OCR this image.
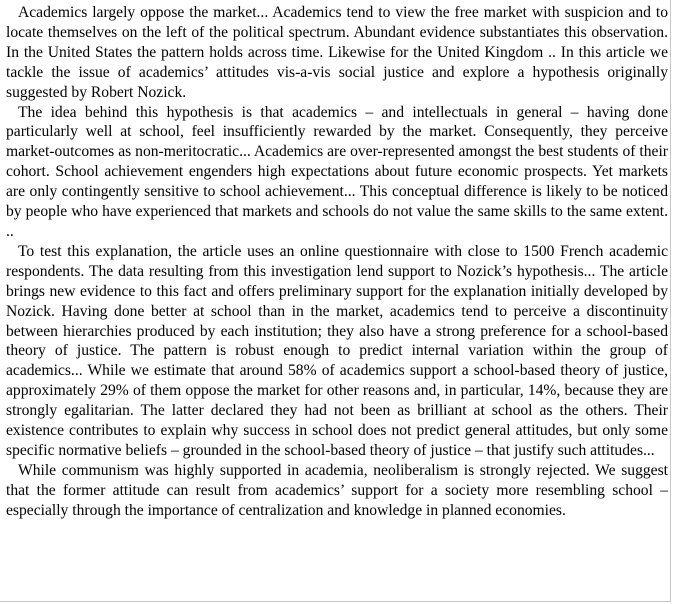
Academics largely oppose the market... Academics tend to view the free market with suspicion and to locate themselves on the left of the political spectrum. Abundant evidence substantiates this observation. In the United States the pattern holds across time. Likewise for the United Kingdom .. In this article we tackle the issue of academics’ attitudes vis-a-vis social justice and explore a hypothesis originally suggested by Robert Nozick.

The idea behind this hypothesis is that academics – and intellectuals in general – having done particularly well at school, feel insufficiently rewarded by the market. Consequently, they perceive market-outcomes as non-meritocratic... Academics are over-represented amongst the best students of their cohort. School achievement engenders high expectations about future economic prospects. Yet markets are only contingently sensitive to school achievement... This conceptual difference is likely to be noticed by people who have experienced that markets and schools do not value the same skills to the same extent. ..

To test this explanation, the article uses an online questionnaire with close to 1500 French academic respondents. The data resulting from this investigation lend support to Nozick’s hypothesis... The article brings new evidence to this fact and offers preliminary support for the explanation initially developed by Nozick. Having done better at school than in the market, academics tend to perceive a discontinuity between hierarchies produced by each institution; they also have a strong preference for a school-based theory of justice. The pattern is robust enough to predict internal variation within the group of academics... While we estimate that around 58% of academics support a school-based theory of justice, approximately 29% of them oppose the market for other reasons and, in particular, 14%, because they are strongly egalitarian. The latter declared they had not been as brilliant at school as the others. Their existence contributes to explain why success in school does not predict general attitudes, but only some specific normative beliefs – grounded in the school-based theory of justice – that justify such attitudes...

While communism was highly supported in academia, neoliberalism is strongly rejected. We suggest that the former attitude can result from academics’ support for a society more resembling school – especially through the importance of centralization and knowledge in planned economies.
